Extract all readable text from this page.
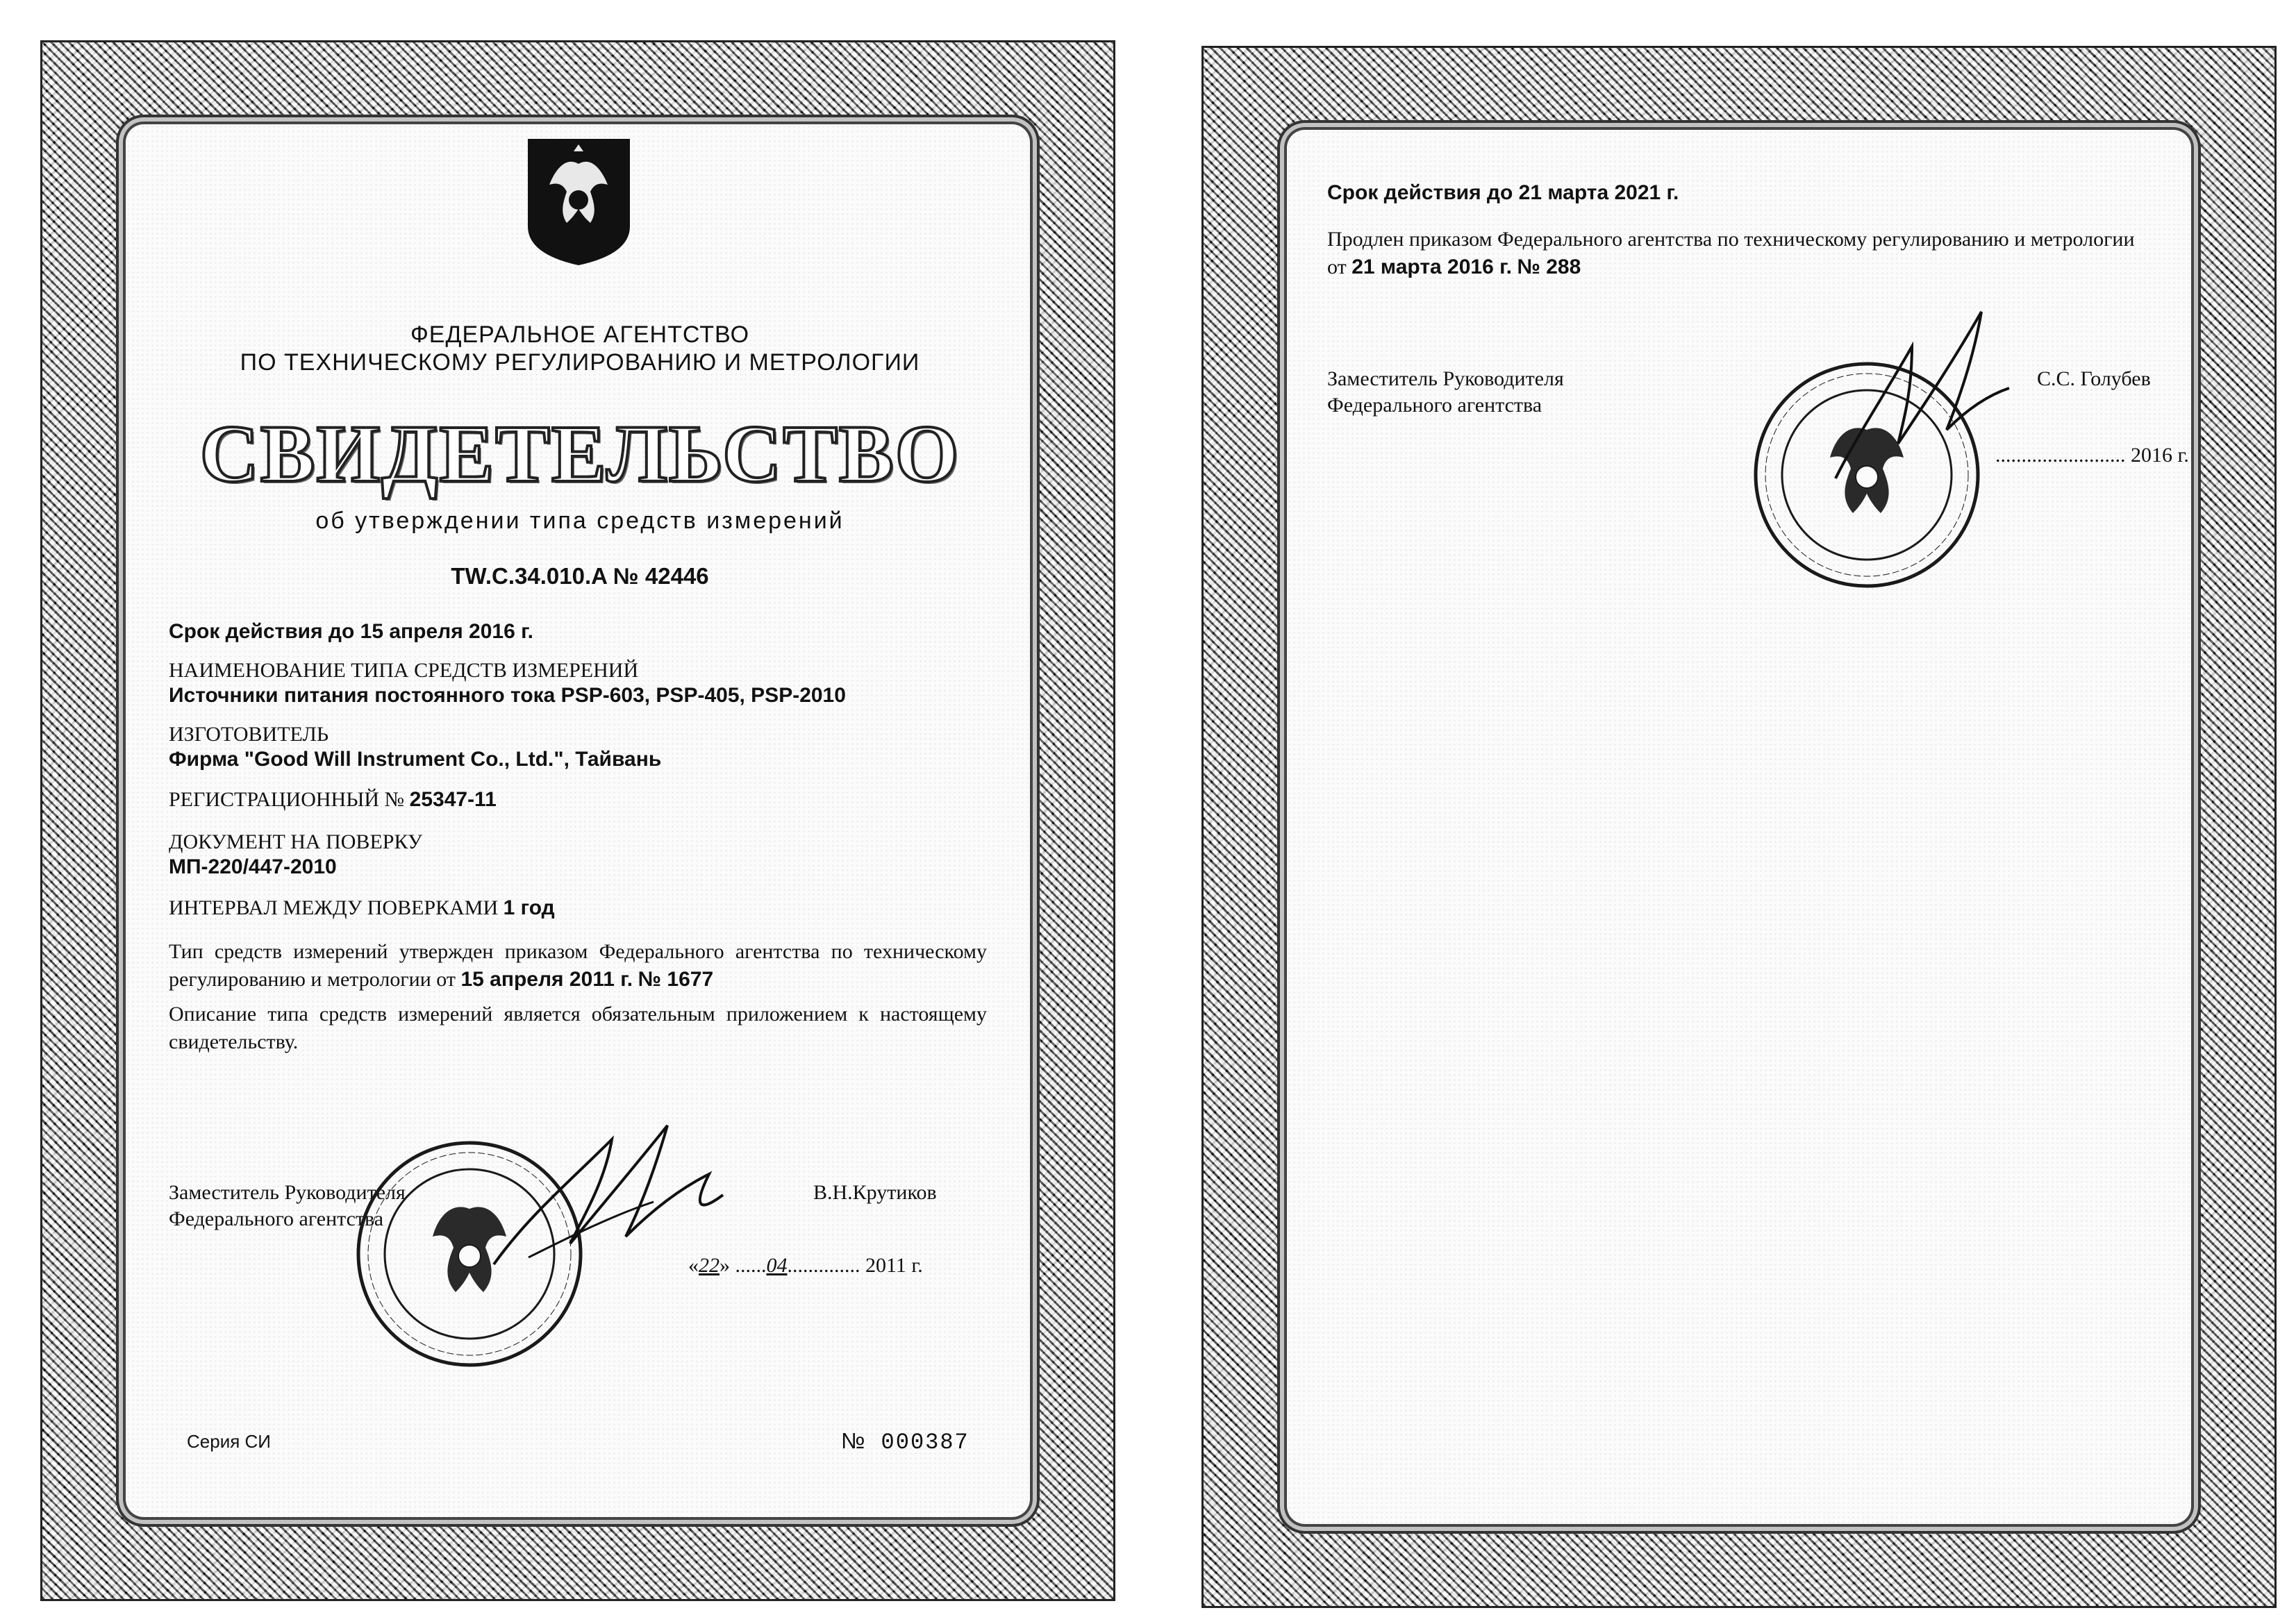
ФЕДЕРАЛЬНОЕ АГЕНТСТВО
ПО ТЕХНИЧЕСКОМУ РЕГУЛИРОВАНИЮ И МЕТРОЛОГИИ
СВИДЕТЕЛЬСТВО
об утверждении типа средств измерений
TW.C.34.010.A № 42446
Срок действия до 15 апреля 2016 г.
НАИМЕНОВАНИЕ ТИПА СРЕДСТВ ИЗМЕРЕНИЙ
Источники питания постоянного тока PSP-603, PSP-405, PSP-2010
ИЗГОТОВИТЕЛЬ
Фирма "Good Will Instrument Co., Ltd.", Тайвань
РЕГИСТРАЦИОННЫЙ № 25347-11
ДОКУМЕНТ НА ПОВЕРКУ
МП-220/447-2010
ИНТЕРВАЛ МЕЖДУ ПОВЕРКАМИ 1 год
Тип средств измерений утвержден приказом Федерального агентства по техническому регулированию и метрологии от 15 апреля 2011 г. № 1677
Описание типа средств измерений является обязательным приложением к настоящему свидетельству.
Заместитель Руководителя
Федерального агентства
В.Н.Крутиков
«22» ......04.............. 2011 г.
Серия СИ	№ 000387
Срок действия до 21 марта 2021 г.
Продлен приказом Федерального агентства по техническому регулированию и метрологии от 21 марта 2016 г. № 288
Заместитель Руководителя
Федерального агентства
С.С. Голубев
......................... 2016 г.
